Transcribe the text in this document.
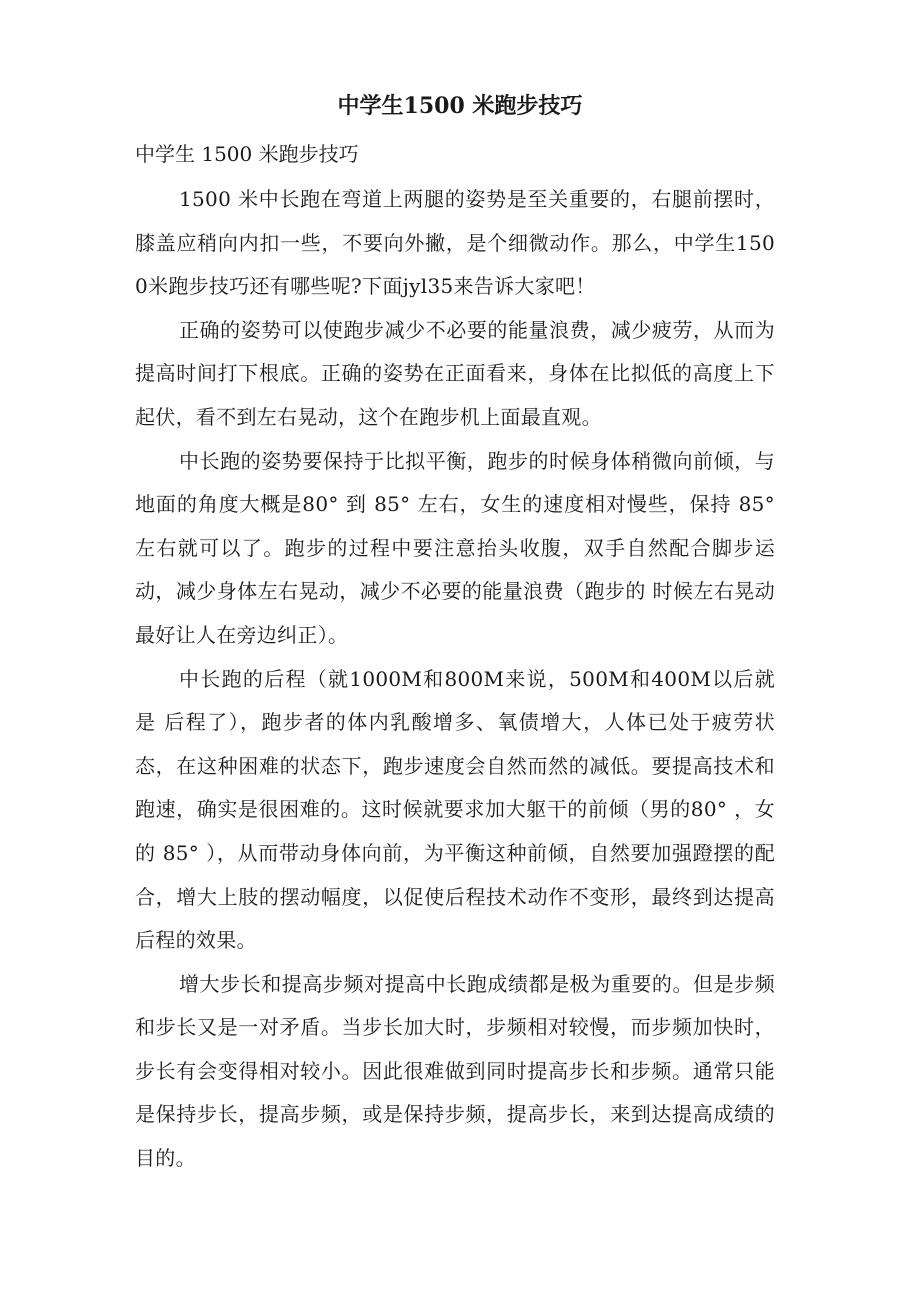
中学生1500 米跑步技巧

中学生 1500 米跑步技巧

1500 米中长跑在弯道上两腿的姿势是至关重要的，右腿前摆时，膝盖应稍向内扣一些，不要向外撇，是个细微动作。那么，中学生1500米跑步技巧还有哪些呢?下面jyl35来告诉大家吧！

正确的姿势可以使跑步减少不必要的能量浪费，减少疲劳，从而为提高时间打下根底。正确的姿势在正面看来，身体在比拟低的高度上下起伏，看不到左右晃动，这个在跑步机上面最直观。

中长跑的姿势要保持于比拟平衡，跑步的时候身体稍微向前倾，与地面的角度大概是80° 到 85° 左右，女生的速度相对慢些，保持 85° 左右就可以了。跑步的过程中要注意抬头收腹，双手自然配合脚步运动，减少身体左右晃动，减少不必要的能量浪费（跑步的 时候左右晃动最好让人在旁边纠正）。

中长跑的后程（就1000M和800M来说，500M和400M以后就是 后程了），跑步者的体内乳酸增多、氧债增大，人体已处于疲劳状态，在这种困难的状态下，跑步速度会自然而然的减低。要提高技术和跑速，确实是很困难的。这时候就要求加大躯干的前倾（男的80° ，女的 85° ），从而带动身体向前，为平衡这种前倾，自然要加强蹬摆的配合，增大上肢的摆动幅度，以促使后程技术动作不变形，最终到达提高后程的效果。

增大步长和提高步频对提高中长跑成绩都是极为重要的。但是步频和步长又是一对矛盾。当步长加大时，步频相对较慢，而步频加快时，步长有会变得相对较小。因此很难做到同时提高步长和步频。通常只能是保持步长，提高步频，或是保持步频，提高步长，来到达提高成绩的目的。
